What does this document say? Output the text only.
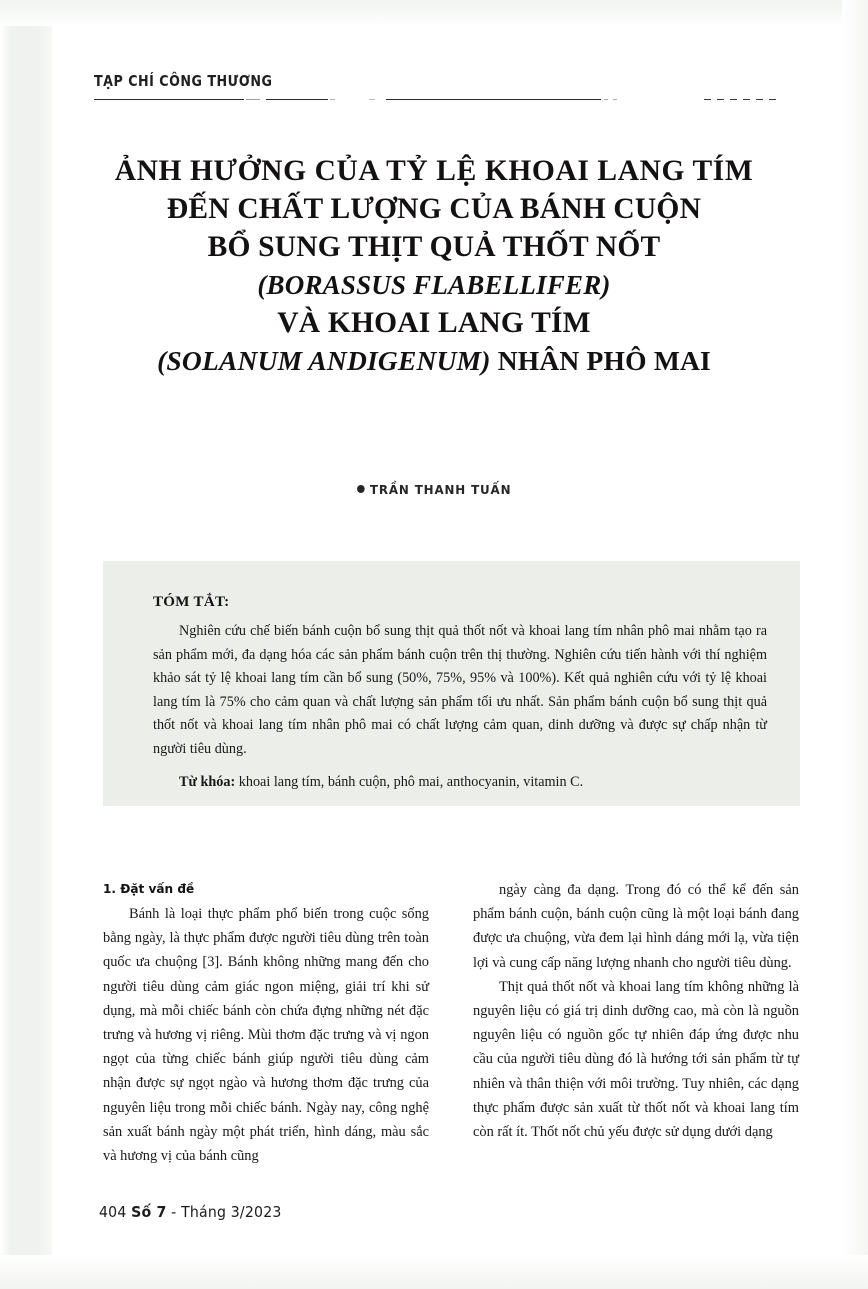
TẠP CHÍ CÔNG THƯƠNG
ẢNH HƯỞNG CỦA TỶ LỆ KHOAI LANG TÍM
ĐẾN CHẤT LƯỢNG CỦA BÁNH CUỘN
BỔ SUNG THỊT QUẢ THỐT NỐT
(BORASSUS FLABELLIFER)
VÀ KHOAI LANG TÍM
(SOLANUM ANDIGENUM) NHÂN PHÔ MAI
TRẦN THANH TUẤN
TÓM TẮT:

Nghiên cứu chế biến bánh cuộn bổ sung thịt quả thốt nốt và khoai lang tím nhân phô mai nhằm tạo ra sản phẩm mới, đa dạng hóa các sản phẩm bánh cuộn trên thị thường. Nghiên cứu tiến hành với thí nghiệm khảo sát tỷ lệ khoai lang tím cần bổ sung (50%, 75%, 95% và 100%). Kết quả nghiên cứu với tỷ lệ khoai lang tím là 75% cho cảm quan và chất lượng sản phẩm tối ưu nhất. Sản phẩm bánh cuộn bổ sung thịt quả thốt nốt và khoai lang tím nhân phô mai có chất lượng cảm quan, dinh dưỡng và được sự chấp nhận từ người tiêu dùng.

Từ khóa: khoai lang tím, bánh cuộn, phô mai, anthocyanin, vitamin C.

1. Đặt vấn đề

Bánh là loại thực phẩm phổ biến trong cuộc sống bằng ngày, là thực phẩm được người tiêu dùng trên toàn quốc ưa chuộng [3]. Bánh không những mang đến cho người tiêu dùng cảm giác ngon miệng, giải trí khi sử dụng, mà mỗi chiếc bánh còn chứa đựng những nét đặc trưng và hương vị riêng. Mùi thơm đặc trưng và vị ngon ngọt của từng chiếc bánh giúp người tiêu dùng cảm nhận được sự ngọt ngào và hương thơm đặc trưng của nguyên liệu trong mỗi chiếc bánh. Ngày nay, công nghệ sản xuất bánh ngày một phát triển, hình dáng, màu sắc và hương vị của bánh cũng

ngày càng đa dạng. Trong đó có thể kể đến sản phẩm bánh cuộn, bánh cuộn cũng là một loại bánh đang được ưa chuộng, vừa đem lại hình dáng mới lạ, vừa tiện lợi và cung cấp năng lượng nhanh cho người tiêu dùng.

Thịt quả thốt nốt và khoai lang tím không những là nguyên liệu có giá trị dinh dưỡng cao, mà còn là nguồn nguyên liệu có nguồn gốc tự nhiên đáp ứng được nhu cầu của người tiêu dùng đó là hướng tới sản phẩm từ tự nhiên và thân thiện với môi trường. Tuy nhiên, các dạng thực phẩm được sản xuất từ thốt nốt và khoai lang tím còn rất ít. Thốt nốt chủ yếu được sử dụng dưới dạng

404 Số 7 - Tháng 3/2023
